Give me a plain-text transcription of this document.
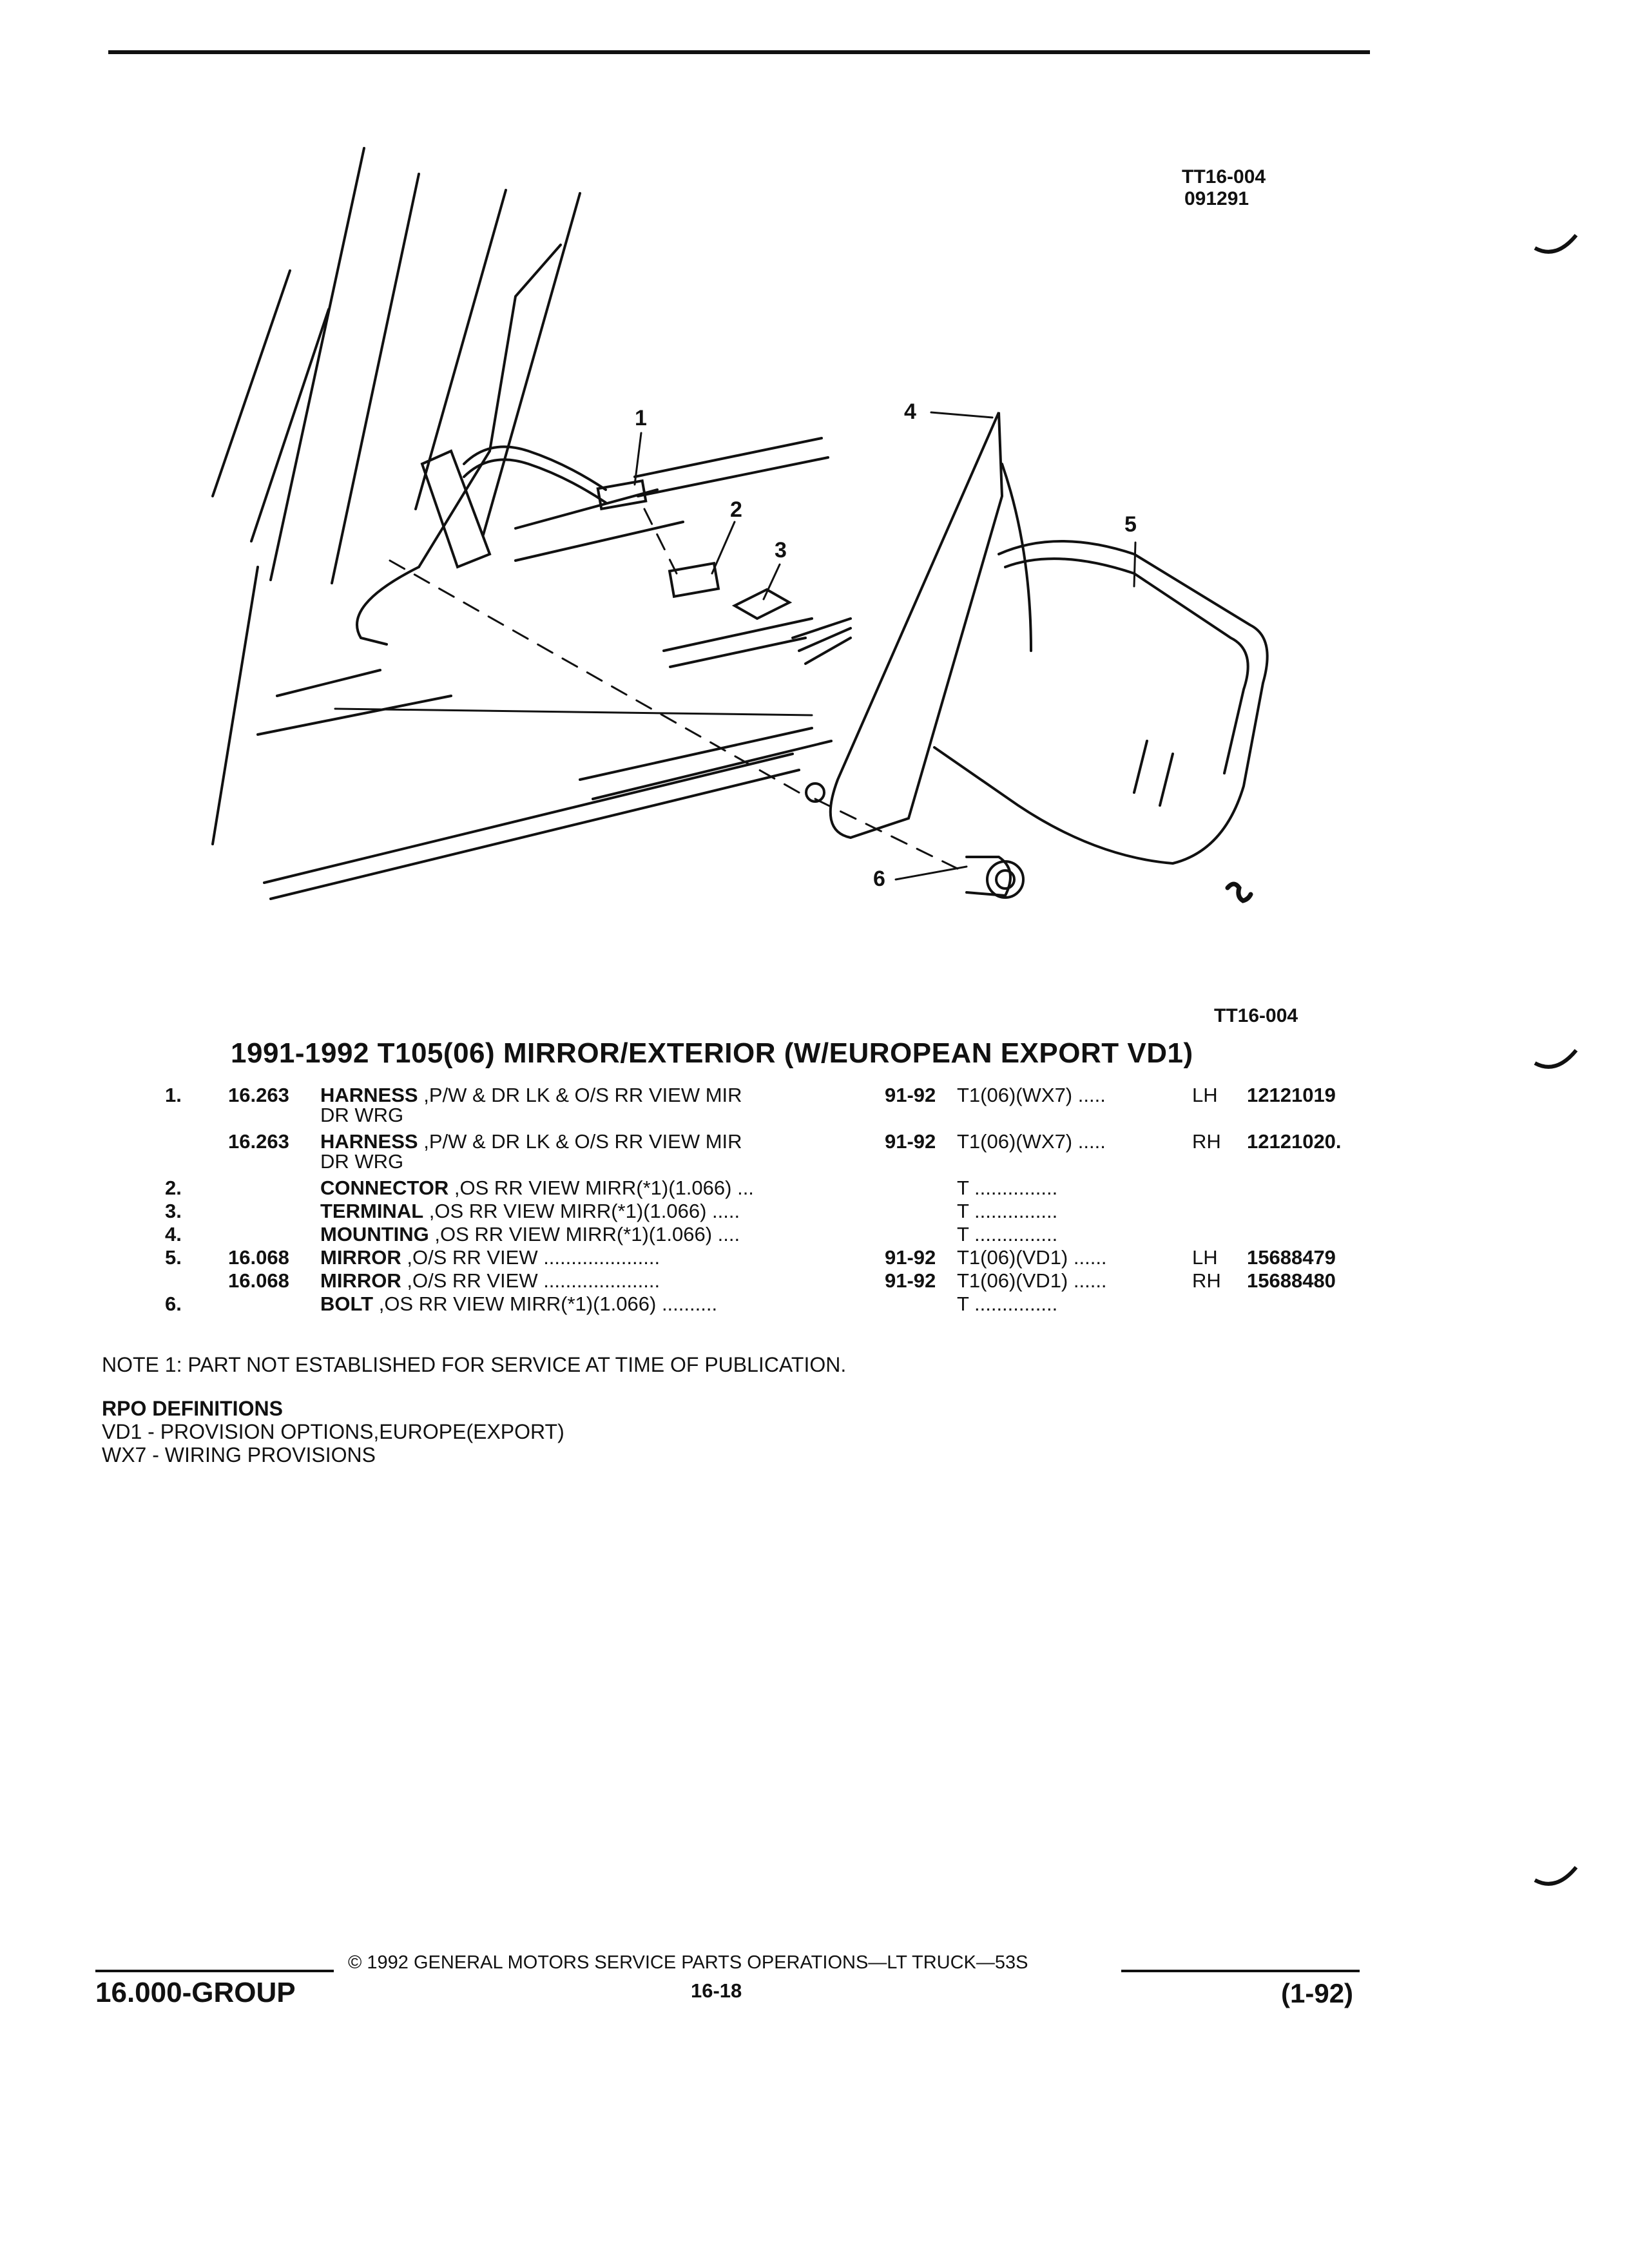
TT16-004
091291
1
2
3
4
5
6
TT16-004
1991-1992 T105(06) MIRROR/EXTERIOR (W/EUROPEAN EXPORT VD1)
1. 16.263 HARNESS ,P/W & DR LK & O/S RR VIEW MIR	91-92 T1(06)(WX7) .....	LH 12121019
DR WRG
16.263 HARNESS ,P/W & DR LK & O/S RR VIEW MIR	91-92 T1(06)(WX7) .....	RH 12121020.
DR WRG
2.	CONNECTOR ,OS RR VIEW MIRR(*1)(1.066) ...	T ...............
3.	TERMINAL ,OS RR VIEW MIRR(*1)(1.066) .....	T ...............
4.	MOUNTING ,OS RR VIEW MIRR(*1)(1.066) ....	T ...............
5. 16.068 MIRROR ,O/S RR VIEW .....................	91-92 T1(06)(VD1) ......	LH 15688479
16.068 MIRROR ,O/S RR VIEW .....................	91-92 T1(06)(VD1) ......	RH 15688480
6.	BOLT ,OS RR VIEW MIRR(*1)(1.066) ..........	T ...............
NOTE 1: PART NOT ESTABLISHED FOR SERVICE AT TIME OF PUBLICATION.
RPO DEFINITIONS
VD1 - PROVISION OPTIONS,EUROPE(EXPORT)
WX7 - WIRING PROVISIONS
© 1992 GENERAL MOTORS SERVICE PARTS OPERATIONS—LT TRUCK—53S
16.000-GROUP	16-18	(1-92)
